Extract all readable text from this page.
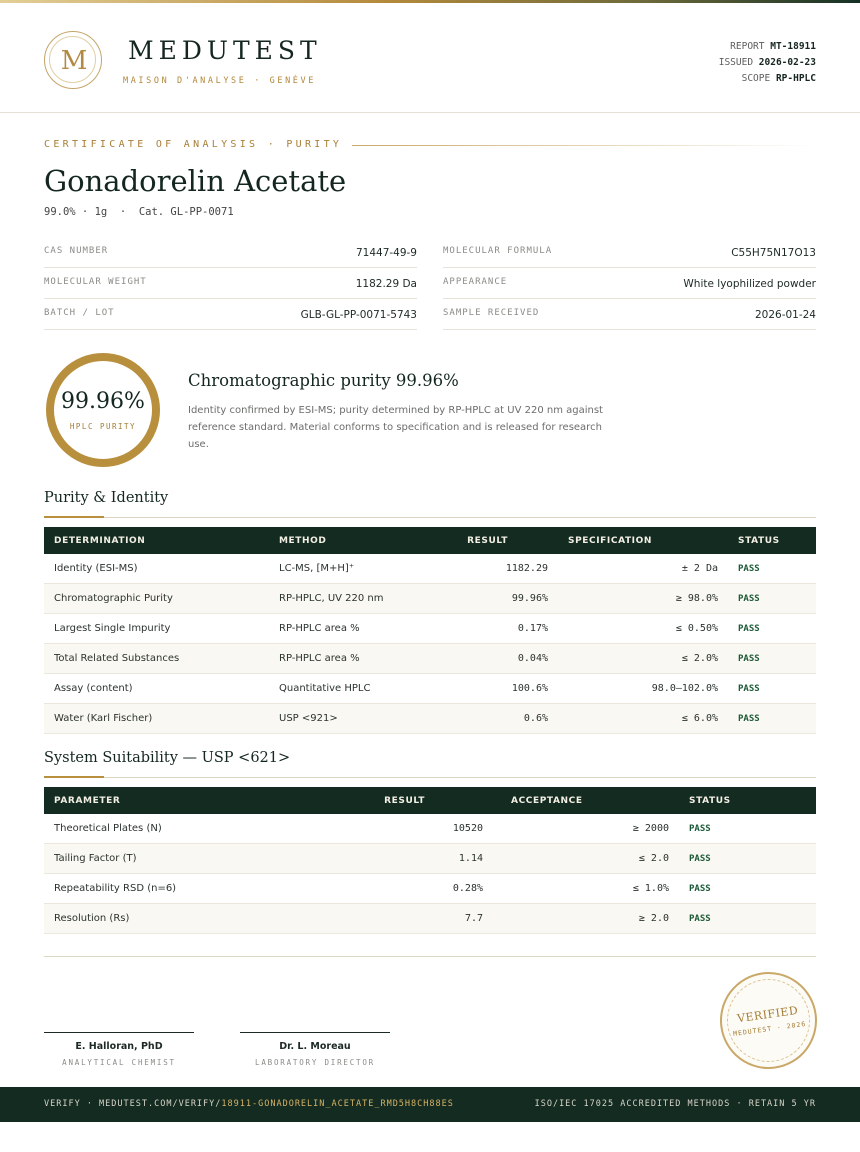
M	MEDUTEST
MAISON D'ANALYSE · GENÈVE
REPORT MT-18911
ISSUED 2026-02-23
SCOPE RP-HPLC
CERTIFICATE OF ANALYSIS · PURITY
Gonadorelin Acetate
99.0% · 1g  ·  Cat. GL-PP-0071
CAS NUMBER	71447-49-9	MOLECULAR FORMULA	C55H75N17O13
MOLECULAR WEIGHT	1182.29 Da	APPEARANCE	White lyophilized powder
BATCH / LOT	GLB-GL-PP-0071-5743	SAMPLE RECEIVED	2026-01-24
99.96%
HPLC PURITY
Chromatographic purity 99.96%
Identity confirmed by ESI-MS; purity determined by RP-HPLC at UV 220 nm against reference standard. Material conforms to specification and is released for research use.
Purity & Identity
DETERMINATION	METHOD	RESULT	SPECIFICATION	STATUS
Identity (ESI-MS)	LC-MS, [M+H]⁺	1182.29	± 2 Da	PASS
Chromatographic Purity	RP-HPLC, UV 220 nm	99.96%	≥ 98.0%	PASS
Largest Single Impurity	RP-HPLC area %	0.17%	≤ 0.50%	PASS
Total Related Substances	RP-HPLC area %	0.04%	≤ 2.0%	PASS
Assay (content)	Quantitative HPLC	100.6%	98.0–102.0%	PASS
Water (Karl Fischer)	USP <921>	0.6%	≤ 6.0%	PASS
System Suitability — USP <621>
PARAMETER	RESULT	ACCEPTANCE	STATUS
Theoretical Plates (N)	10520	≥ 2000	PASS
Tailing Factor (T)	1.14	≤ 2.0	PASS
Repeatability RSD (n=6)	0.28%	≤ 1.0%	PASS
Resolution (Rs)	7.7	≥ 2.0	PASS
E. Halloran, PhD
ANALYTICAL CHEMIST
Dr. L. Moreau
LABORATORY DIRECTOR
VERIFIED
MEDUTEST · 2026
VERIFY · MEDUTEST.COM/VERIFY/18911-GONADORELIN_ACETATE_RMD5H8CH88ES	ISO/IEC 17025 ACCREDITED METHODS · RETAIN 5 YR
